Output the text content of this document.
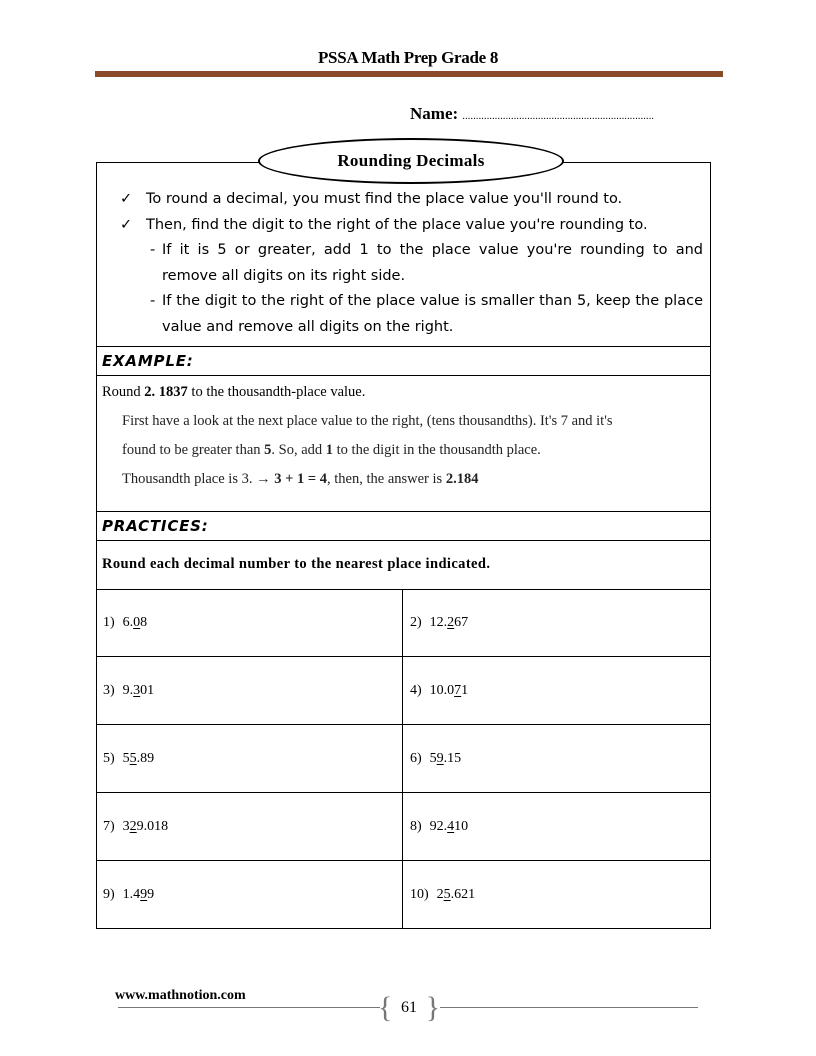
PSSA Math Prep Grade 8
Name: .......................................................................
Rounding Decimals
✓ To round a decimal, you must find the place value you'll round to.
✓ Then, find the digit to the right of the place value you're rounding to.
- If it is 5 or greater, add 1 to the place value you're rounding to and remove all digits on its right side.
- If the digit to the right of the place value is smaller than 5, keep the place value and remove all digits on the right.
EXAMPLE:

Round 2. 1837 to the thousandth-place value.

First have a look at the next place value to the right, (tens thousandths). It's 7 and it's

found to be greater than 5. So, add 1 to the digit in the thousandth place.

Thousandth place is 3. → 3 + 1 = 4, then, the answer is 2.184

PRACTICES:
Round each decimal number to the nearest place indicated.
1) 6.08	2) 12.267
3) 9.301	4) 10.071
5) 55.89	6) 59.15
7) 329.018	8) 92.410
9) 1.499	10) 25.621
www.mathnotion.com	{ 61 }
